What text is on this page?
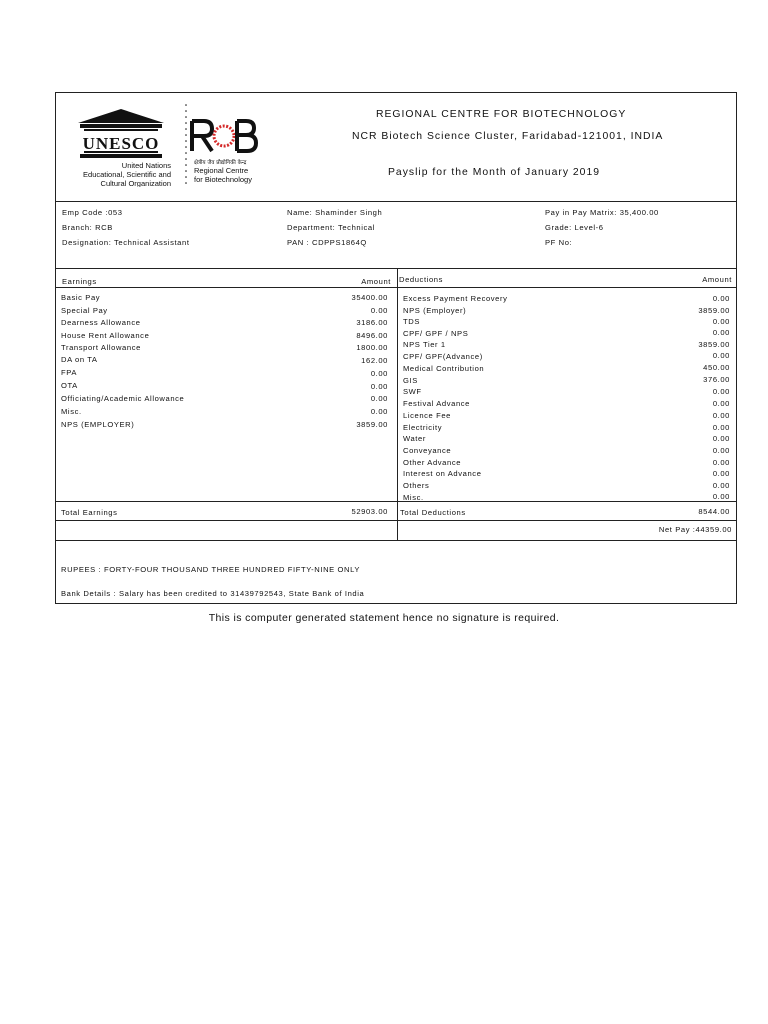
UNESCO
United Nations
Educational, Scientific and
Cultural Organization
क्षेत्रीय जैव प्रौद्योगिकी केन्द्र
Regional Centre
for Biotechnology
REGIONAL CENTRE FOR BIOTECHNOLOGY
NCR Biotech Science Cluster, Faridabad-121001, INDIA
Payslip for the Month of January 2019
Emp Code :053	Name: Shaminder Singh	Pay in Pay Matrix: 35,400.00
Branch: RCB	Department: Technical	Grade: Level-6
Designation: Technical Assistant	PAN : CDPPS1864Q	PF No:
Earnings	Amount Deductions	Amount
Basic Pay	35400.00
Special Pay	0.00
Dearness Allowance	3186.00
House Rent Allowance	8496.00
Transport Allowance	1800.00
DA on TA	162.00
FPA	0.00
OTA	0.00
Officiating/Academic Allowance	0.00
Misc.	0.00
NPS (EMPLOYER)	3859.00
Excess Payment Recovery	0.00
NPS (Employer)	3859.00
TDS	0.00
CPF/ GPF / NPS	0.00
NPS Tier 1	3859.00
CPF/ GPF(Advance)	0.00
Medical Contribution	450.00
GIS	376.00
SWF	0.00
Festival Advance	0.00
Licence Fee	0.00
Electricity	0.00
Water	0.00
Conveyance	0.00
Other Advance	0.00
Interest on Advance	0.00
Others	0.00
Misc.	0.00
Total Earnings	52903.00 Total Deductions	8544.00
Net Pay :44359.00
RUPEES : FORTY-FOUR THOUSAND THREE HUNDRED FIFTY-NINE ONLY
Bank Details : Salary has been credited to 31439792543, State Bank of India
This is computer generated statement hence no signature is required.
